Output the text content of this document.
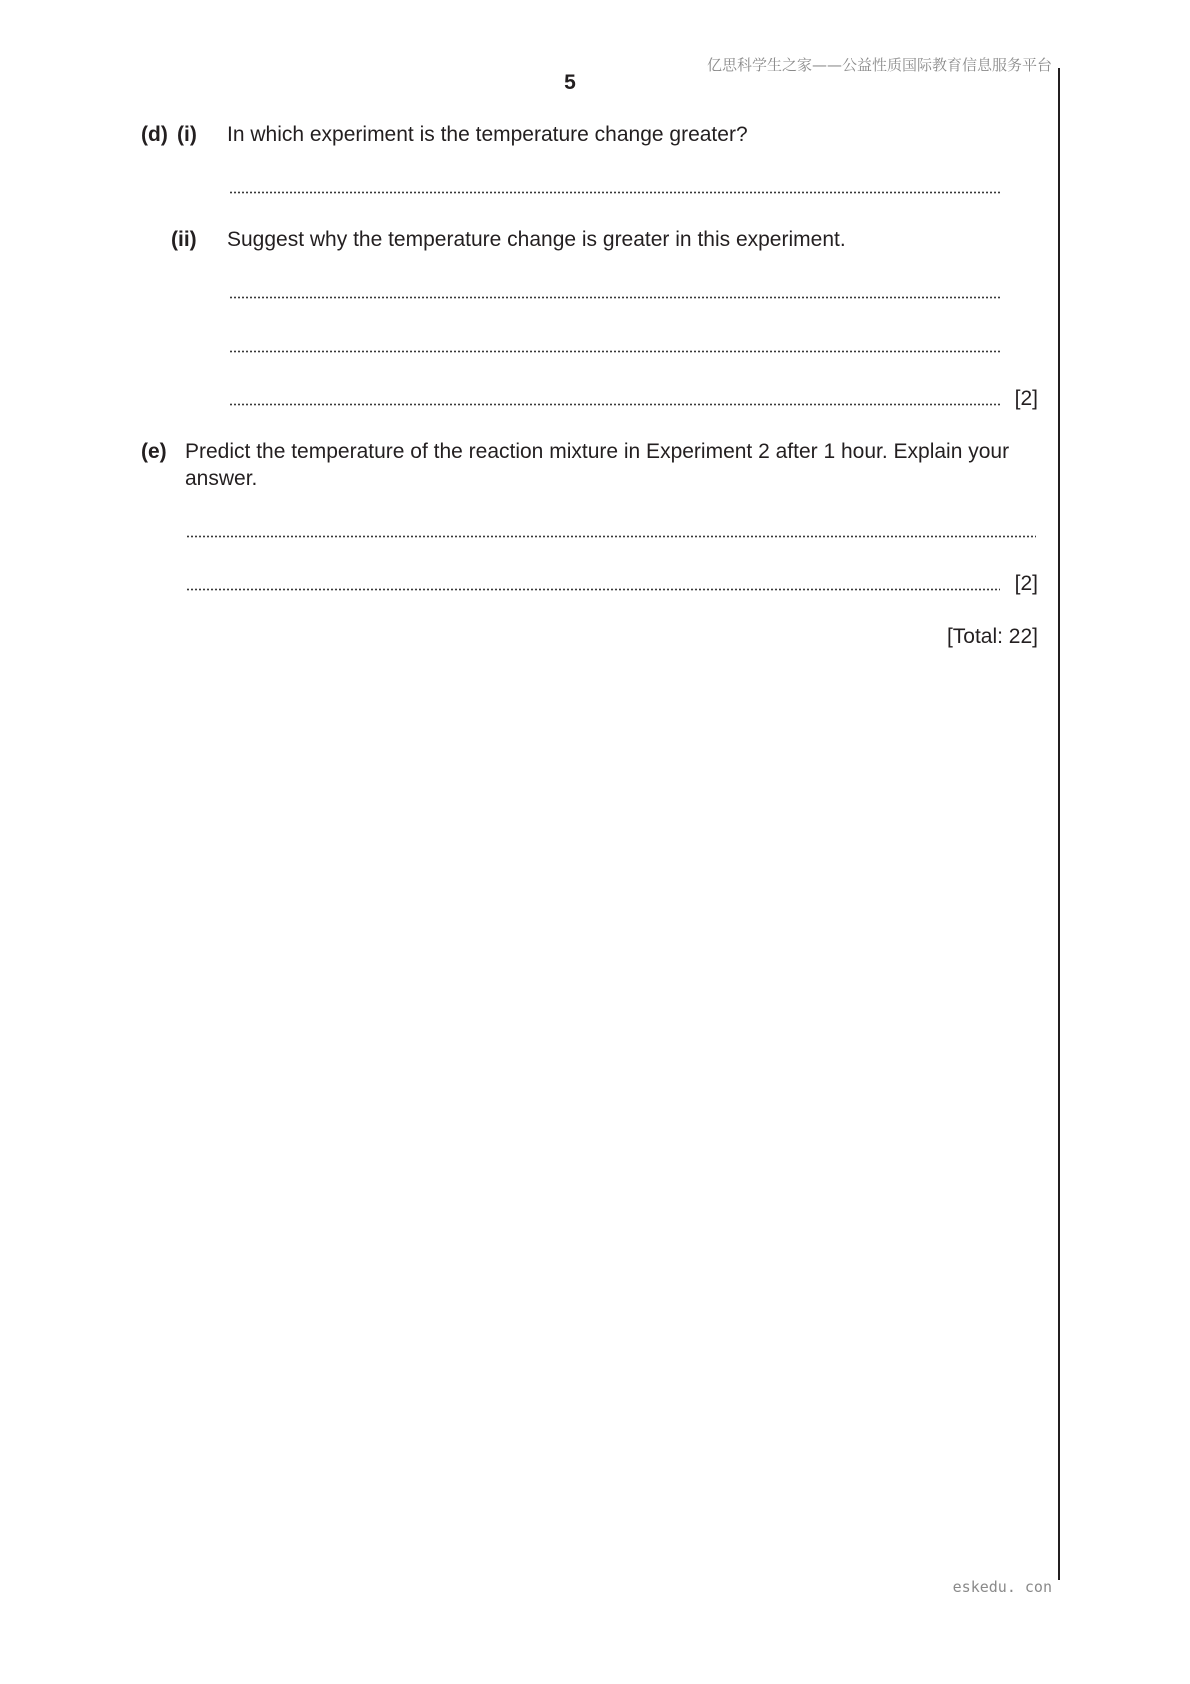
亿思科学生之家——公益性质国际教育信息服务平台
5
(d) (i) In which experiment is the temperature change greater?
(ii) Suggest why the temperature change is greater in this experiment.
[2]
(e) Predict the temperature of the reaction mixture in Experiment 2 after 1 hour. Explain your
answer.
[2]
[Total: 22]
eskedu. con
